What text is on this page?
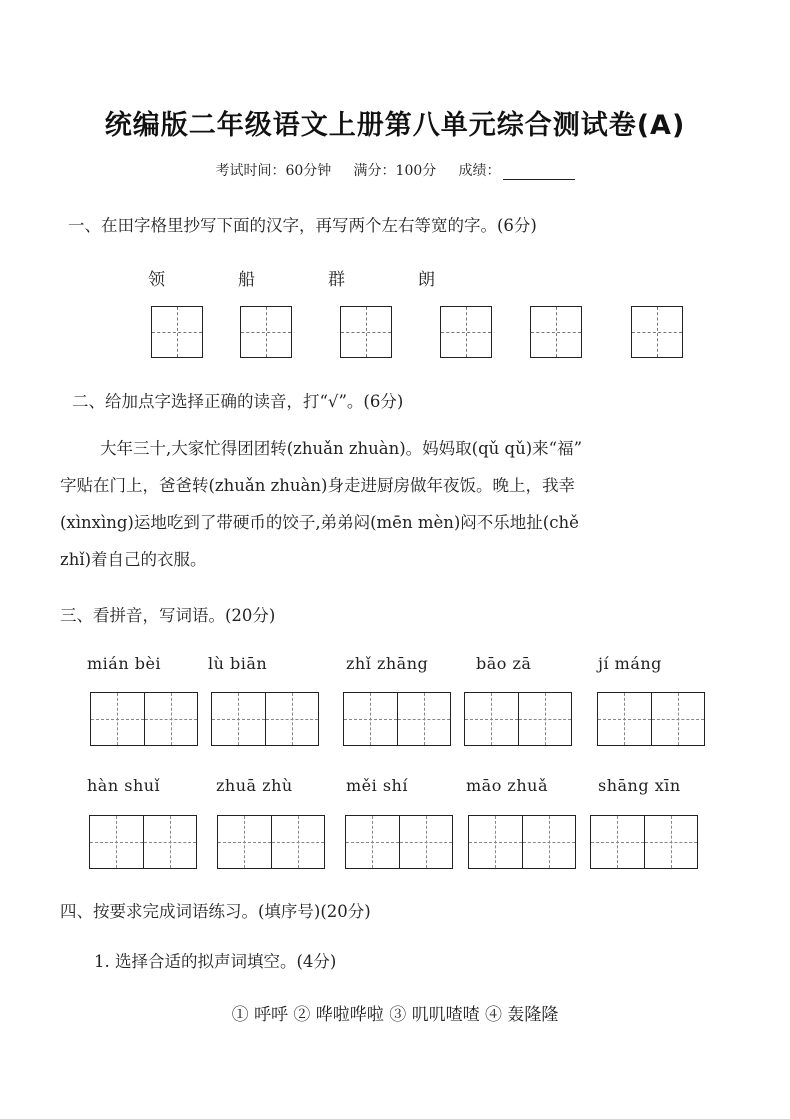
统编版二年级语文上册第八单元综合测试卷(A)
考试时间：60分钟 满分：100分 成绩：
一、在田字格里抄写下面的汉字，再写两个左右等宽的字。(6分)
领	船	群	朗
二、给加点字选择正确的读音，打“√”。(6分)

大年三十,大家忙得团团转(zhuǎn zhuàn)。妈妈取(qǔ qǔ)来“福”

字贴在门上，爸爸转(zhuǎn zhuàn)身走进厨房做年夜饭。晚上，我幸

(xìnxìng)运地吃到了带硬币的饺子,弟弟闷(mēn mèn)闷不乐地扯(chě

zhǐ)着自己的衣服。

三、看拼音，写词语。(20分)
mián bèi	lù biān	zhǐ zhāng	bāo zā	jí máng
hàn shuǐ	zhuā zhù	měi shí	māo zhuǎ	shāng xīn
四、按要求完成词语练习。(填序号)(20分)
1. 选择合适的拟声词填空。(4分)
① 呼呼 ② 哗啦哗啦 ③ 叽叽喳喳 ④ 轰隆隆
